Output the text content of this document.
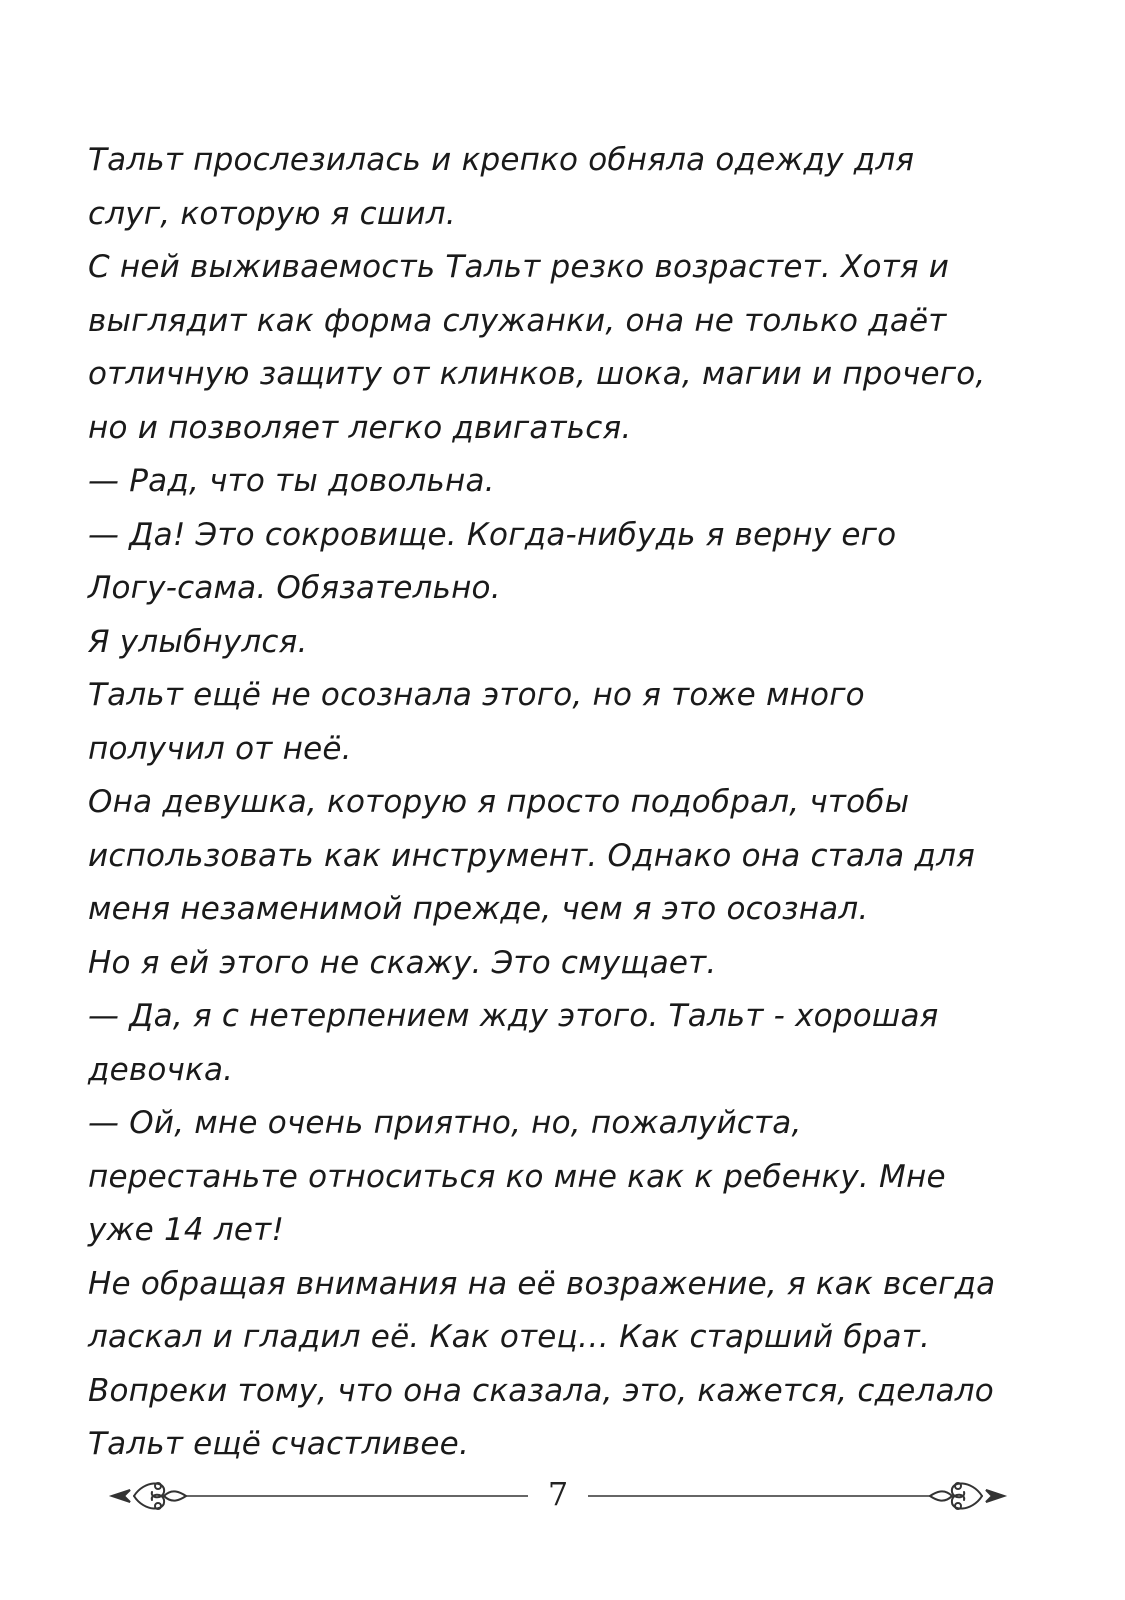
Тальт прослезилась и крепко обняла одежду для
слуг, которую я сшил.
С ней выживаемость Тальт резко возрастет. Хотя и
выглядит как форма служанки, она не только даёт
отличную защиту от клинков, шока, магии и прочего,
но и позволяет легко двигаться.
— Рад, что ты довольна.
— Да! Это сокровище. Когда-нибудь я верну его
Логу-сама. Обязательно.
Я улыбнулся.
Тальт ещё не осознала этого, но я тоже много
получил от неё.
Она девушка, которую я просто подобрал, чтобы
использовать как инструмент. Однако она стала для
меня незаменимой прежде, чем я это осознал.
Но я ей этого не скажу. Это смущает.
— Да, я с нетерпением жду этого. Тальт - хорошая
девочка.
— Ой, мне очень приятно, но, пожалуйста,
перестаньте относиться ко мне как к ребенку. Мне
уже 14 лет!
Не обращая внимания на её возражение, я как всегда
ласкал и гладил её. Как отец… Как старший брат.
Вопреки тому, что она сказала, это, кажется, сделало
Тальт ещё счастливее.
7
